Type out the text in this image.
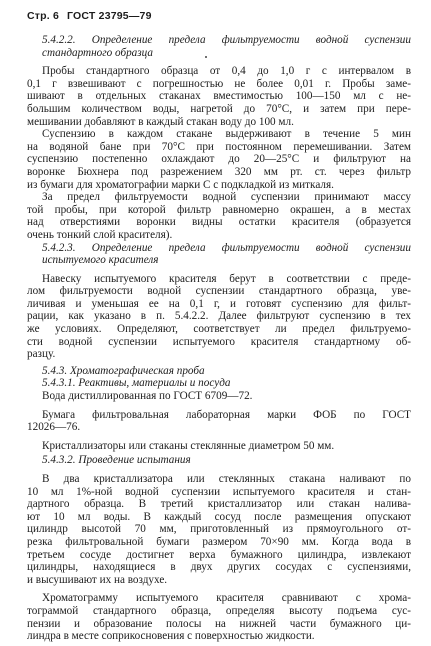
Стр. 6 ГОСТ 23795—79

5.4.2.2. Определение предела фильтруемости водной суспензии
стандартного образца

Пробы стандартного образца от 0,4 до 1,0 г с интервалом в
0,1 г взвешивают с погрешностью не более 0,01 г. Пробы заме-
шивают в отдельных стаканах вместимостью 100—150 мл с не-
большим количеством воды, нагретой до 70°С, и затем при пере-
мешивании добавляют в каждый стакан воду до 100 мл.

Суспензию в каждом стакане выдерживают в течение 5 мин
на водяной бане при 70°С при постоянном перемешивании. Затем
суспензию постепенно охлаждают до 20—25°С и фильтруют на
воронке Бюхнера под разрежением 320 мм рт. ст. через фильтр
из бумаги для хроматографии марки С с подкладкой из миткаля.

За предел фильтруемости водной суспензии принимают массу
той пробы, при которой фильтр равномерно окрашен, а в местах
над отверстиями воронки видны остатки красителя (образуется
очень тонкий слой красителя).

5.4.2.3. Определение предела фильтруемости водной суспензии
испытуемого красителя

Навеску испытуемого красителя берут в соответствии с преде-
лом фильтруемости водной суспензии стандартного образца, уве-
личивая и уменьшая ее на 0,1 г, и готовят суспензию для фильт-
рации, как указано в п. 5.4.2.2. Далее фильтруют суспензию в тех
же условиях. Определяют, соответствует ли предел фильтруемо-
сти водной суспензии испытуемого красителя стандартному об-
разцу.

5.4.3. Хроматографическая проба

5.4.3.1. Реактивы, материалы и посуда

Вода дистиллированная по ГОСТ 6709—72.

Бумага фильтровальная лабораторная марки ФОБ по ГОСТ
12026—76.

Кристаллизаторы или стаканы стеклянные диаметром 50 мм.

5.4.3.2. Проведение испытания

В два кристаллизатора или стеклянных стакана наливают по
10 мл 1%-ной водной суспензии испытуемого красителя и стан-
дартного образца. В третий кристаллизатор или стакан налива-
ют 10 мл воды. В каждый сосуд после размещения опускают
цилиндр высотой 70 мм, приготовленный из прямоугольного от-
резка фильтровальной бумаги размером 70×90 мм. Когда вода в
третьем сосуде достигнет верха бумажного цилиндра, извлекают
цилиндры, находящиеся в двух других сосудах с суспензиями,
и высушивают их на воздухе.

Хроматограмму испытуемого красителя сравнивают с хрома-
тограммой стандартного образца, определяя высоту подъема сус-
пензии и образование полосы на нижней части бумажного ци-
линдра в месте соприкосновения с поверхностью жидкости.
